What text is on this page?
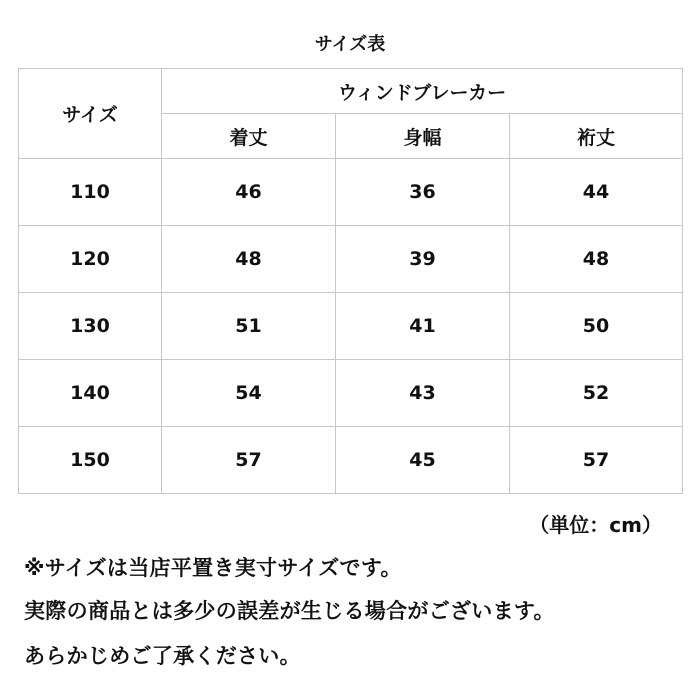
サイズ表
サイズ	ウィンドブレーカー		
	着丈	身幅	裄丈
110	46	36	44
120	48	39	48
130	51	41	50
140	54	43	52
150	57	45	57
（単位：cm）
※サイズは当店平置き実寸サイズです。
実際の商品とは多少の誤差が生じる場合がございます。
あらかじめご了承ください。
